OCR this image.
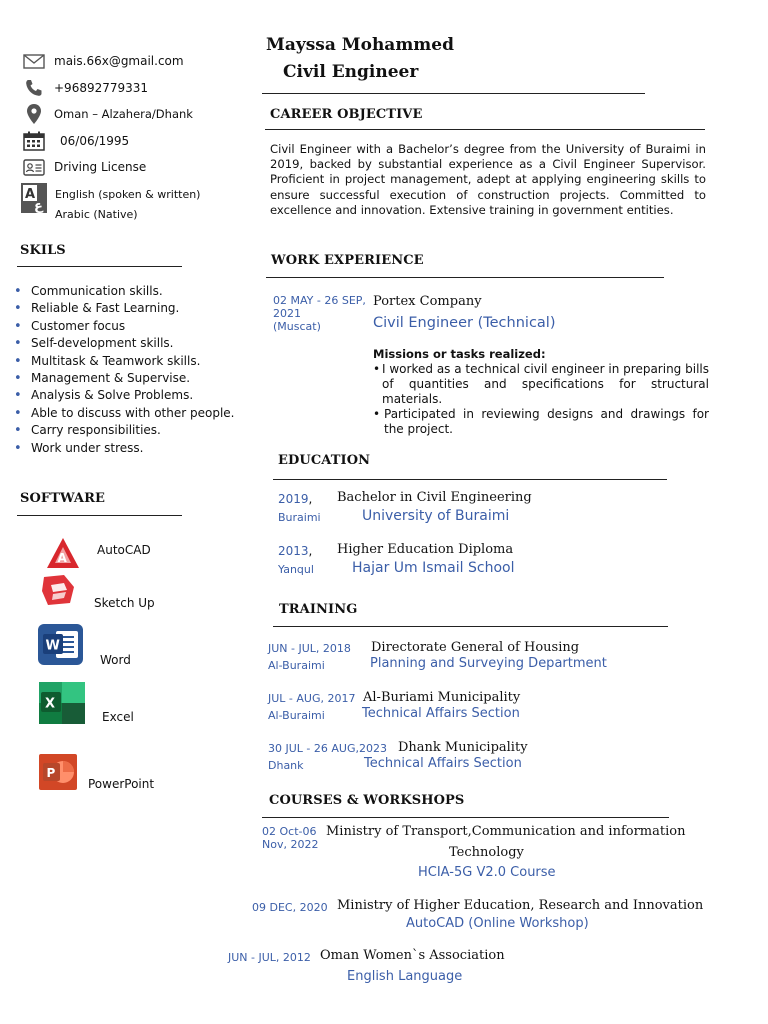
mais.66x@gmail.com
+96892779331
Oman – Alzahera/Dhank
06/06/1995
Driving License
A
ع
English (spoken & written)
Arabic (Native)
SKILS
• Communication skills.
• Reliable & Fast Learning.
• Customer focus
• Self-development skills.
• Multitask & Teamwork skills.
• Management & Supervise.
• Analysis & Solve Problems.
• Able to discuss with other people.
• Carry responsibilities.
• Work under stress.
SOFTWARE
A
AutoCAD
Sketch Up
W
Word
X
Excel
P
PowerPoint
Mayssa Mohammed
Civil Engineer
CAREER OBJECTIVE
Civil Engineer with a Bachelor’s degree from the University of Buraimi in 2019, backed by substantial experience as a Civil Engineer Supervisor. Proficient in project management, adept at applying engineering skills to ensure successful execution of construction projects. Committed to excellence and innovation. Extensive training in government entities.
WORK EXPERIENCE
02 MAY - 26 SEP, 2021
(Muscat)
Portex Company
Civil Engineer (Technical)
Missions or tasks realized:
• I worked as a technical civil engineer in preparing bills of quantities and specifications for structural materials.
• Participated in reviewing designs and drawings for the project.
EDUCATION
2019,
Buraimi
Bachelor in Civil Engineering
University of Buraimi
2013,
Yanqul
Higher Education Diploma
Hajar Um Ismail School
TRAINING
JUN - JUL, 2018
Al-Buraimi
Directorate General of Housing
Planning and Surveying Department
JUL - AUG, 2017
Al-Buraimi
Al-Buriami Municipality
Technical Affairs Section
30 JUL - 26 AUG,2023
Dhank
Dhank Municipality
Technical Affairs Section
COURSES & WORKSHOPS
02 Oct-06
Nov, 2022
Ministry of Transport,Communication and information
Technology
HCIA-5G V2.0 Course
09 DEC, 2020 Ministry of Higher Education, Research and Innovation
AutoCAD (Online Workshop)
JUN - JUL, 2012 Oman Women`s Association
English Language
